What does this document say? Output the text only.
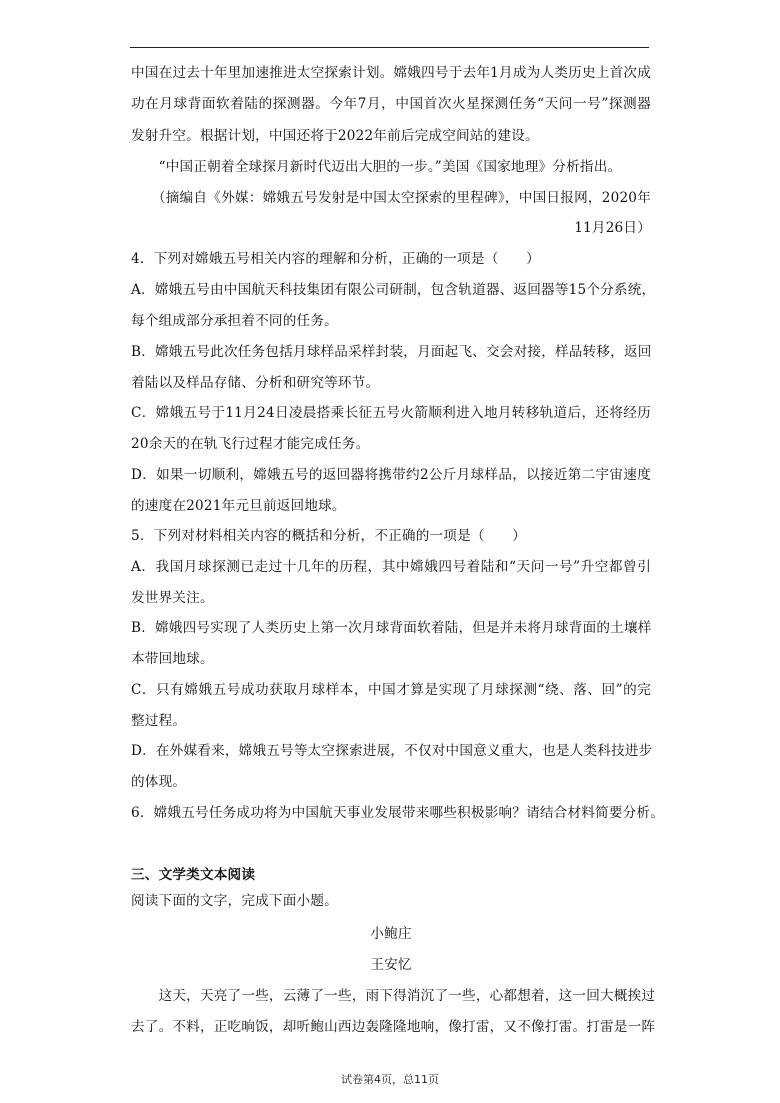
中国在过去十年里加速推进太空探索计划。嫦娥四号于去年1月成为人类历史上首次成
功在月球背面软着陆的探测器。今年7月，中国首次火星探测任务“天问一号”探测器
发射升空。根据计划，中国还将于2022年前后完成空间站的建设。
　　“中国正朝着全球探月新时代迈出大胆的一步。”美国《国家地理》分析指出。
　　（摘编自《外媒：嫦娥五号发射是中国太空探索的里程碑》，中国日报网，2020年
11月26日）
4．下列对嫦娥五号相关内容的理解和分析，正确的一项是（　　）
A．嫦娥五号由中国航天科技集团有限公司研制，包含轨道器、返回器等15个分系统，
每个组成部分承担着不同的任务。
B．嫦娥五号此次任务包括月球样品采样封装，月面起飞、交会对接，样品转移，返回
着陆以及样品存储、分析和研究等环节。
C．嫦娥五号于11月24日凌晨搭乘长征五号火箭顺利进入地月转移轨道后，还将经历
20余天的在轨飞行过程才能完成任务。
D．如果一切顺利，嫦娥五号的返回器将携带约2公斤月球样品，以接近第二宇宙速度
的速度在2021年元旦前返回地球。
5．下列对材料相关内容的概括和分析，不正确的一项是（　　）
A．我国月球探测已走过十几年的历程，其中嫦娥四号着陆和“天问一号”升空都曾引
发世界关注。
B．嫦娥四号实现了人类历史上第一次月球背面软着陆，但是并未将月球背面的土壤样
本带回地球。
C．只有嫦娥五号成功获取月球样本，中国才算是实现了月球探测“绕、落、回”的完
整过程。
D．在外媒看来，嫦娥五号等太空探索进展，不仅对中国意义重大，也是人类科技进步
的体现。
6．嫦娥五号任务成功将为中国航天事业发展带来哪些积极影响？请结合材料简要分析。
三、文学类文本阅读
阅读下面的文字，完成下面小题。
小鲍庄
王安忆
　　这天，天亮了一些，云薄了一些，雨下得消沉了一些，心都想着，这一回大概挨过
去了。不料，正吃晌饭，却听鲍山西边轰隆隆地响，像打雷，又不像打雷。打雷是一阵
试卷第4页，总11页
